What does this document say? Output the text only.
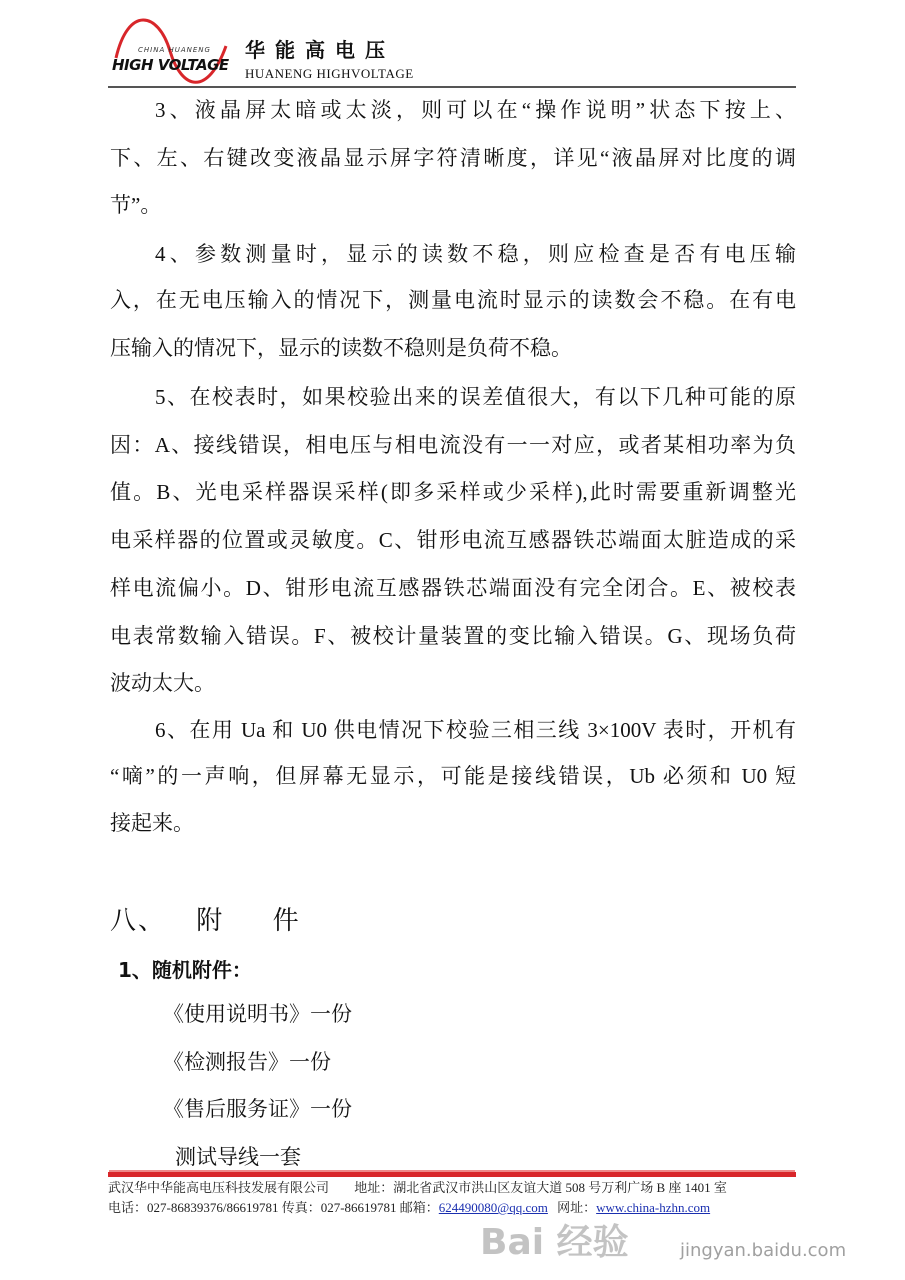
CHINA HUANENG
HIGH VOLTAGE
华能高电压
HUANENG HIGHVOLTAGE
3、液晶屏太暗或太淡，则可以在“操作说明”状态下按上、
下、左、右键改变液晶显示屏字符清晰度，详见“液晶屏对比度的调
节”。
4、参数测量时，显示的读数不稳，则应检查是否有电压输
入，在无电压输入的情况下，测量电流时显示的读数会不稳。在有电
压输入的情况下，显示的读数不稳则是负荷不稳。
5、在校表时，如果校验出来的误差值很大，有以下几种可能的原
因：A、接线错误，相电压与相电流没有一一对应，或者某相功率为负
值。B、光电采样器误采样(即多采样或少采样),此时需要重新调整光
电采样器的位置或灵敏度。C、钳形电流互感器铁芯端面太脏造成的采
样电流偏小。D、钳形电流互感器铁芯端面没有完全闭合。E、被校表
电表常数输入错误。F、被校计量装置的变比输入错误。G、现场负荷
波动太大。
6、在用 Ua 和 U0 供电情况下校验三相三线 3×100V 表时，开机有
“嘀”的一声响，但屏幕无显示，可能是接线错误，Ub 必须和 U0 短
接起来。
八、 附 件
1、随机附件：
《使用说明书》一份
《检测报告》一份
《售后服务证》一份
测试导线一套
武汉华中华能高电压科技发展有限公司 地址：湖北省武汉市洪山区友谊大道 508 号万利广场 B 座 1401 室
电话：027-86839376/86619781 传真：027-86619781 邮箱：624490080@qq.com 网址：www.china-hzhn.com
Bai 经验	jingyan.baidu.com
